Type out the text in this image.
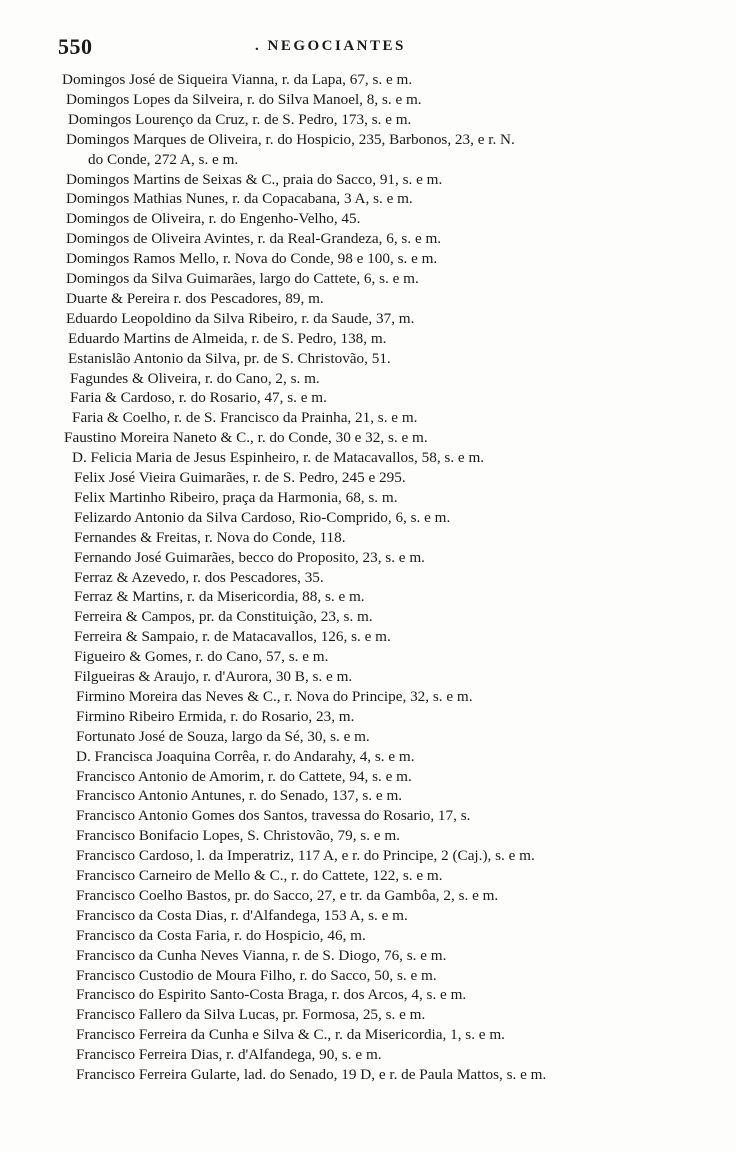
550	. NEGOCIANTES
Domingos José de Siqueira Vianna, r. da Lapa, 67, s. e m.
Domingos Lopes da Silveira, r. do Silva Manoel, 8, s. e m.
Domingos Lourenço da Cruz, r. de S. Pedro, 173, s. e m.
Domingos Marques de Oliveira, r. do Hospicio, 235, Barbonos, 23, e r. N.
do Conde, 272 A, s. e m.
Domingos Martins de Seixas & C., praia do Sacco, 91, s. e m.
Domingos Mathias Nunes, r. da Copacabana, 3 A, s. e m.
Domingos de Oliveira, r. do Engenho-Velho, 45.
Domingos de Oliveira Avintes, r. da Real-Grandeza, 6, s. e m.
Domingos Ramos Mello, r. Nova do Conde, 98 e 100, s. e m.
Domingos da Silva Guimarães, largo do Cattete, 6, s. e m.
Duarte & Pereira r. dos Pescadores, 89, m.
Eduardo Leopoldino da Silva Ribeiro, r. da Saude, 37, m.
Eduardo Martins de Almeida, r. de S. Pedro, 138, m.
Estanislão Antonio da Silva, pr. de S. Christovão, 51.
Fagundes & Oliveira, r. do Cano, 2, s. m.
Faria & Cardoso, r. do Rosario, 47, s. e m.
Faria & Coelho, r. de S. Francisco da Prainha, 21, s. e m.
Faustino Moreira Naneto & C., r. do Conde, 30 e 32, s. e m.
D. Felicia Maria de Jesus Espinheiro, r. de Matacavallos, 58, s. e m.
Felix José Vieira Guimarães, r. de S. Pedro, 245 e 295.
Felix Martinho Ribeiro, praça da Harmonia, 68, s. m.
Felizardo Antonio da Silva Cardoso, Rio-Comprido, 6, s. e m.
Fernandes & Freitas, r. Nova do Conde, 118.
Fernando José Guimarães, becco do Proposito, 23, s. e m.
Ferraz & Azevedo, r. dos Pescadores, 35.
Ferraz & Martins, r. da Misericordia, 88, s. e m.
Ferreira & Campos, pr. da Constituição, 23, s. m.
Ferreira & Sampaio, r. de Matacavallos, 126, s. e m.
Figueiro & Gomes, r. do Cano, 57, s. e m.
Filgueiras & Araujo, r. d'Aurora, 30 B, s. e m.
Firmino Moreira das Neves & C., r. Nova do Principe, 32, s. e m.
Firmino Ribeiro Ermida, r. do Rosario, 23, m.
Fortunato José de Souza, largo da Sé, 30, s. e m.
D. Francisca Joaquina Corrêa, r. do Andarahy, 4, s. e m.
Francisco Antonio de Amorim, r. do Cattete, 94, s. e m.
Francisco Antonio Antunes, r. do Senado, 137, s. e m.
Francisco Antonio Gomes dos Santos, travessa do Rosario, 17, s.
Francisco Bonifacio Lopes, S. Christovão, 79, s. e m.
Francisco Cardoso, l. da Imperatriz, 117 A, e r. do Principe, 2 (Caj.), s. e m.
Francisco Carneiro de Mello & C., r. do Cattete, 122, s. e m.
Francisco Coelho Bastos, pr. do Sacco, 27, e tr. da Gambôa, 2, s. e m.
Francisco da Costa Dias, r. d'Alfandega, 153 A, s. e m.
Francisco da Costa Faria, r. do Hospicio, 46, m.
Francisco da Cunha Neves Vianna, r. de S. Diogo, 76, s. e m.
Francisco Custodio de Moura Filho, r. do Sacco, 50, s. e m.
Francisco do Espirito Santo-Costa Braga, r. dos Arcos, 4, s. e m.
Francisco Fallero da Silva Lucas, pr. Formosa, 25, s. e m.
Francisco Ferreira da Cunha e Silva & C., r. da Misericordia, 1, s. e m.
Francisco Ferreira Dias, r. d'Alfandega, 90, s. e m.
Francisco Ferreira Gularte, lad. do Senado, 19 D, e r. de Paula Mattos, s. e m.
